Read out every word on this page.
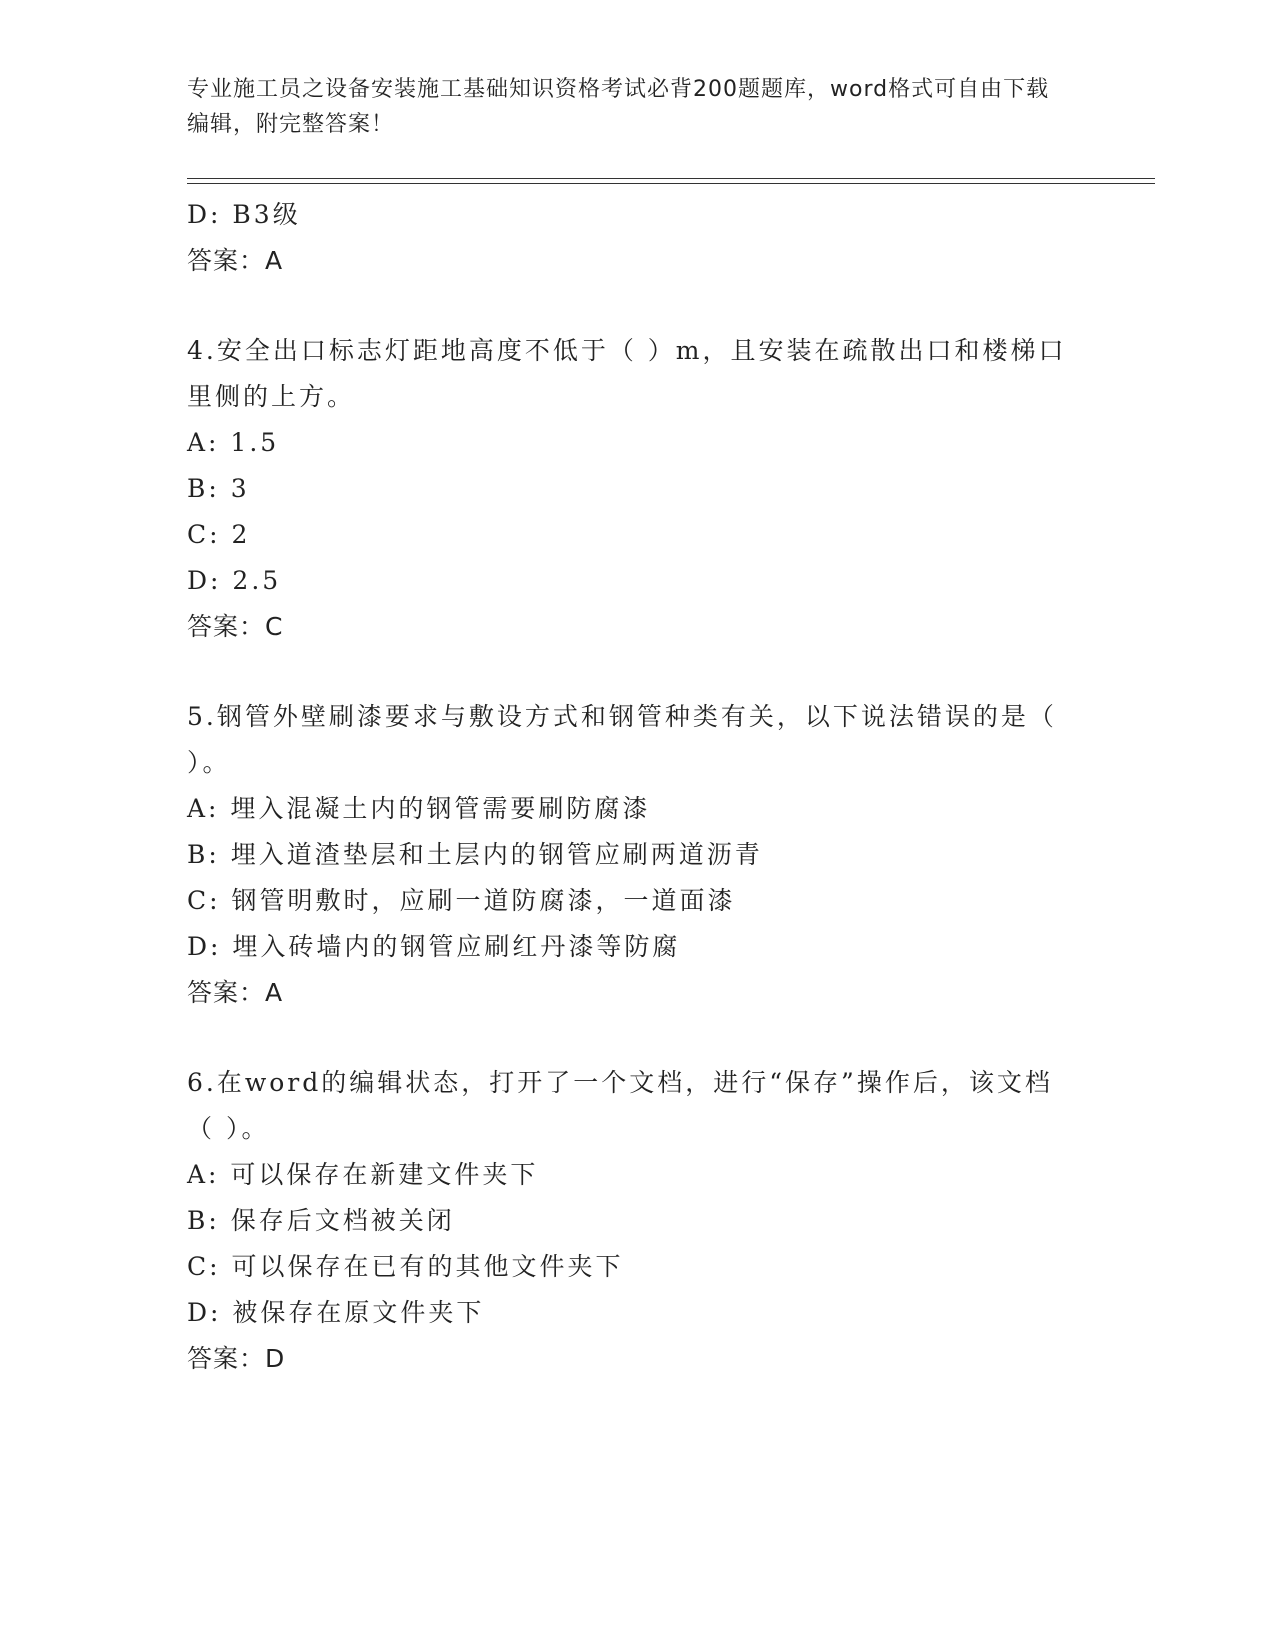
专业施工员之设备安装施工基础知识资格考试必背200题题库，word格式可自由下载编辑，附完整答案！
D: B3级
答案：A
4.安全出口标志灯距地高度不低于（ ）m，且安装在疏散出口和楼梯口里侧的上方。
A: 1.5
B: 3
C: 2
D: 2.5
答案：C
5.钢管外壁刷漆要求与敷设方式和钢管种类有关，以下说法错误的是（ ）。
A: 埋入混凝土内的钢管需要刷防腐漆
B: 埋入道渣垫层和土层内的钢管应刷两道沥青
C: 钢管明敷时，应刷一道防腐漆，一道面漆
D: 埋入砖墙内的钢管应刷红丹漆等防腐
答案：A
6.在word的编辑状态，打开了一个文档，进行“保存”操作后，该文档（ ）。
A: 可以保存在新建文件夹下
B: 保存后文档被关闭
C: 可以保存在已有的其他文件夹下
D: 被保存在原文件夹下
答案：D
